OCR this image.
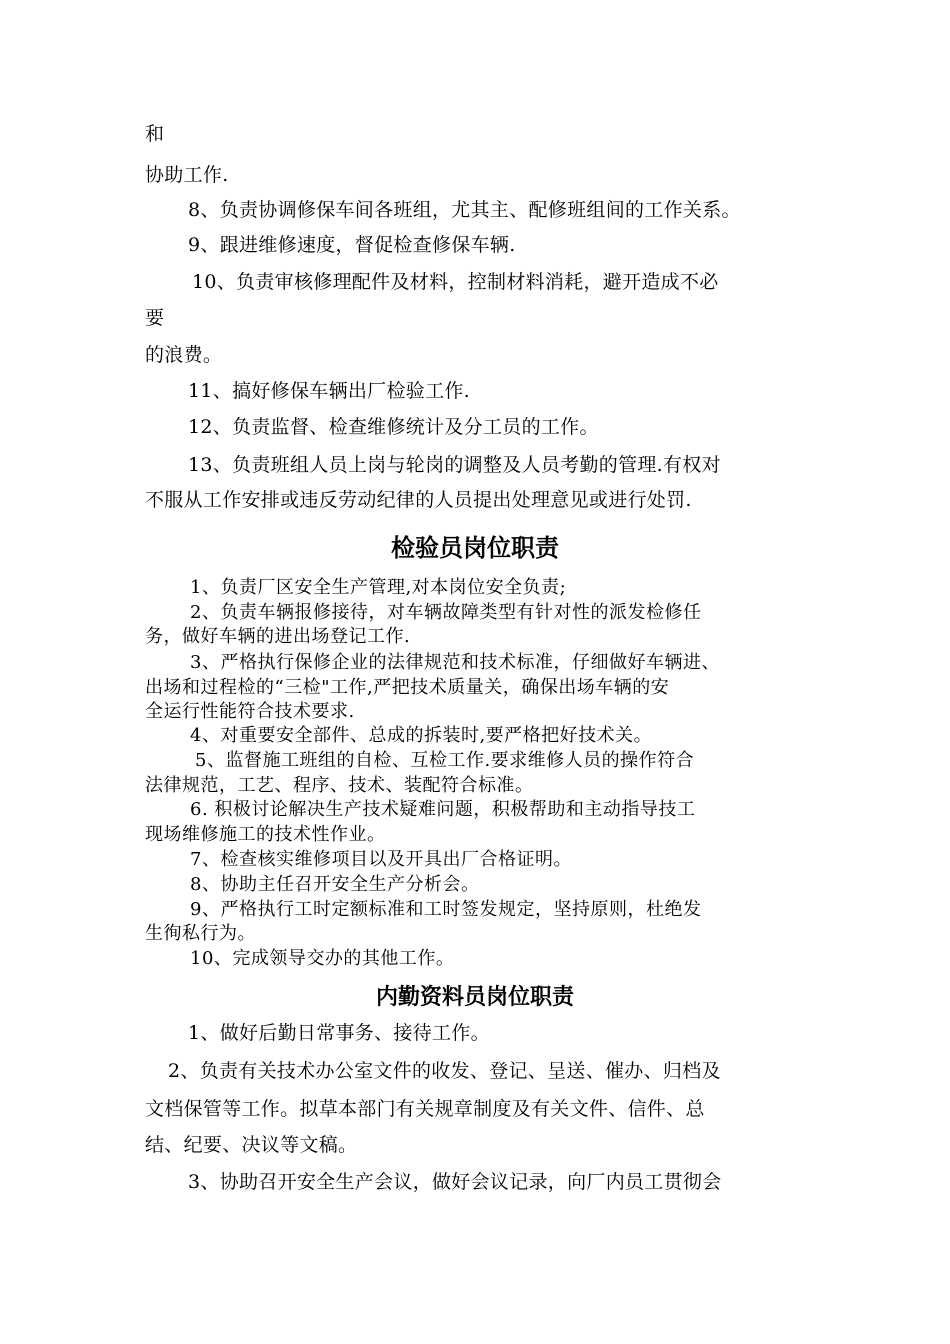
和
协助工作.
8、负责协调修保车间各班组，尤其主、配修班组间的工作关系。
9、跟进维修速度，督促检查修保车辆.
10、负责审核修理配件及材料，控制材料消耗，避开造成不必
要
的浪费。
11、搞好修保车辆出厂检验工作.
12、负责监督、检查维修统计及分工员的工作。
13、负责班组人员上岗与轮岗的调整及人员考勤的管理.有权对
不服从工作安排或违反劳动纪律的人员提出处理意见或进行处罚.
检验员岗位职责
1、负责厂区安全生产管理,对本岗位安全负责;
2、负责车辆报修接待，对车辆故障类型有针对性的派发检修任
务，做好车辆的进出场登记工作.
3、严格执行保修企业的法律规范和技术标准，仔细做好车辆进、
出场和过程检的“三检"工作,严把技术质量关，确保出场车辆的安
全运行性能符合技术要求.
4、对重要安全部件、总成的拆装时,要严格把好技术关。
5、监督施工班组的自检、互检工作.要求维修人员的操作符合
法律规范，工艺、程序、技术、装配符合标准。
6. 积极讨论解决生产技术疑难问题，积极帮助和主动指导技工
现场维修施工的技术性作业。
7、检查核实维修项目以及开具出厂合格证明。
8、协助主任召开安全生产分析会。
9、严格执行工时定额标准和工时签发规定，坚持原则，杜绝发
生徇私行为。
10、完成领导交办的其他工作。
内勤资料员岗位职责
1、做好后勤日常事务、接待工作。
2、负责有关技术办公室文件的收发、登记、呈送、催办、归档及
文档保管等工作。拟草本部门有关规章制度及有关文件、信件、总
结、纪要、决议等文稿。
3、协助召开安全生产会议，做好会议记录，向厂内员工贯彻会
